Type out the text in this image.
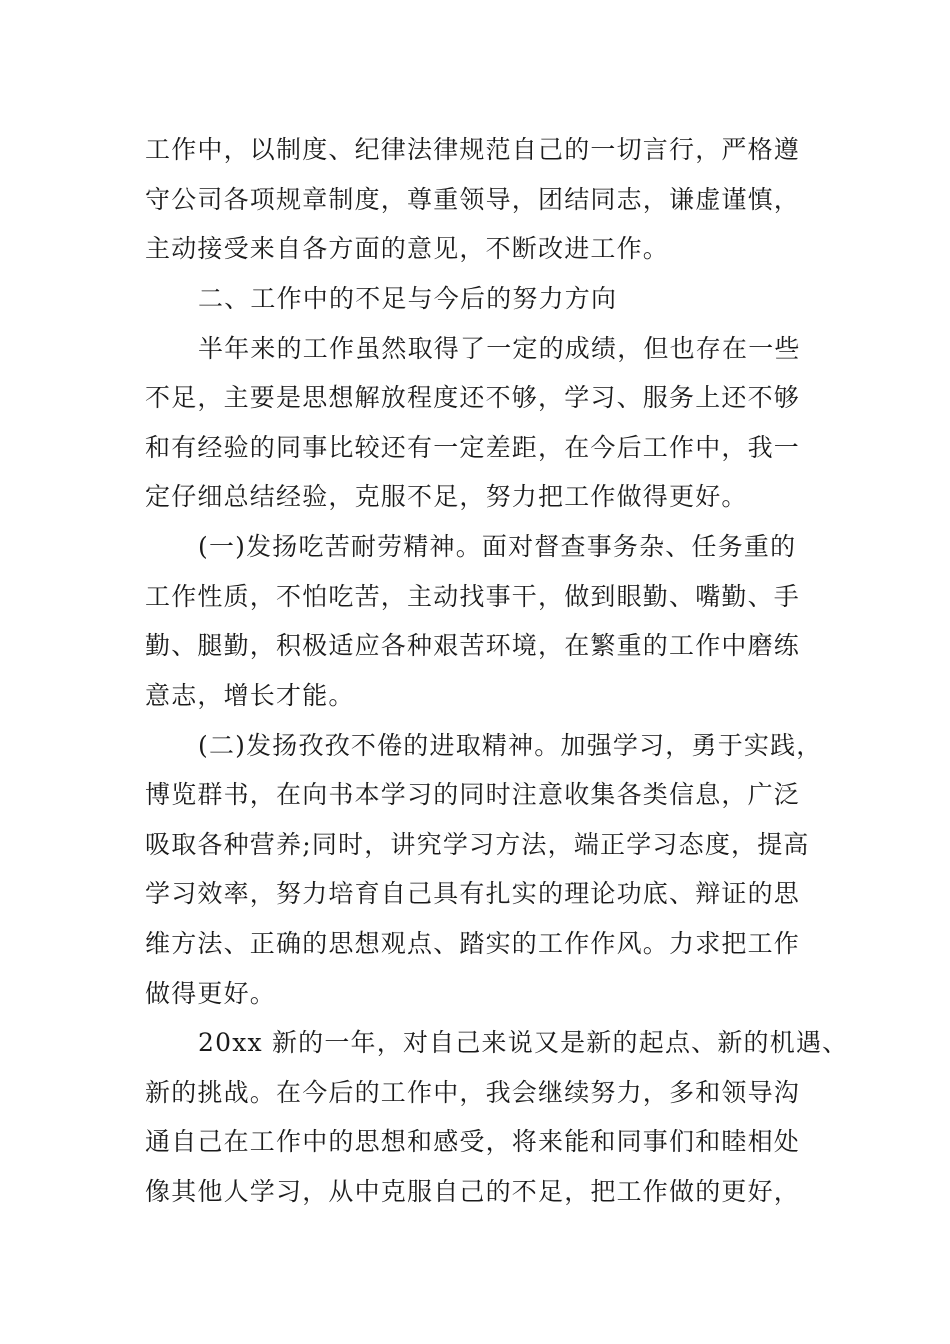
工作中，以制度、纪律法律规范自己的一切言行，严格遵
守公司各项规章制度，尊重领导，团结同志，谦虚谨慎，
主动接受来自各方面的意见，不断改进工作。
二、工作中的不足与今后的努力方向
半年来的工作虽然取得了一定的成绩，但也存在一些
不足，主要是思想解放程度还不够，学习、服务上还不够
和有经验的同事比较还有一定差距，在今后工作中，我一
定仔细总结经验，克服不足，努力把工作做得更好。
(一)发扬吃苦耐劳精神。面对督查事务杂、任务重的
工作性质，不怕吃苦，主动找事干，做到眼勤、嘴勤、手
勤、腿勤，积极适应各种艰苦环境，在繁重的工作中磨练
意志，增长才能。
(二)发扬孜孜不倦的进取精神。加强学习，勇于实践，
博览群书，在向书本学习的同时注意收集各类信息，广泛
吸取各种营养;同时，讲究学习方法，端正学习态度，提高
学习效率，努力培育自己具有扎实的理论功底、辩证的思
维方法、正确的思想观点、踏实的工作作风。力求把工作
做得更好。
20xx 新的一年，对自己来说又是新的起点、新的机遇、
新的挑战。在今后的工作中，我会继续努力，多和领导沟
通自己在工作中的思想和感受，将来能和同事们和睦相处
像其他人学习，从中克服自己的不足，把工作做的更好，
